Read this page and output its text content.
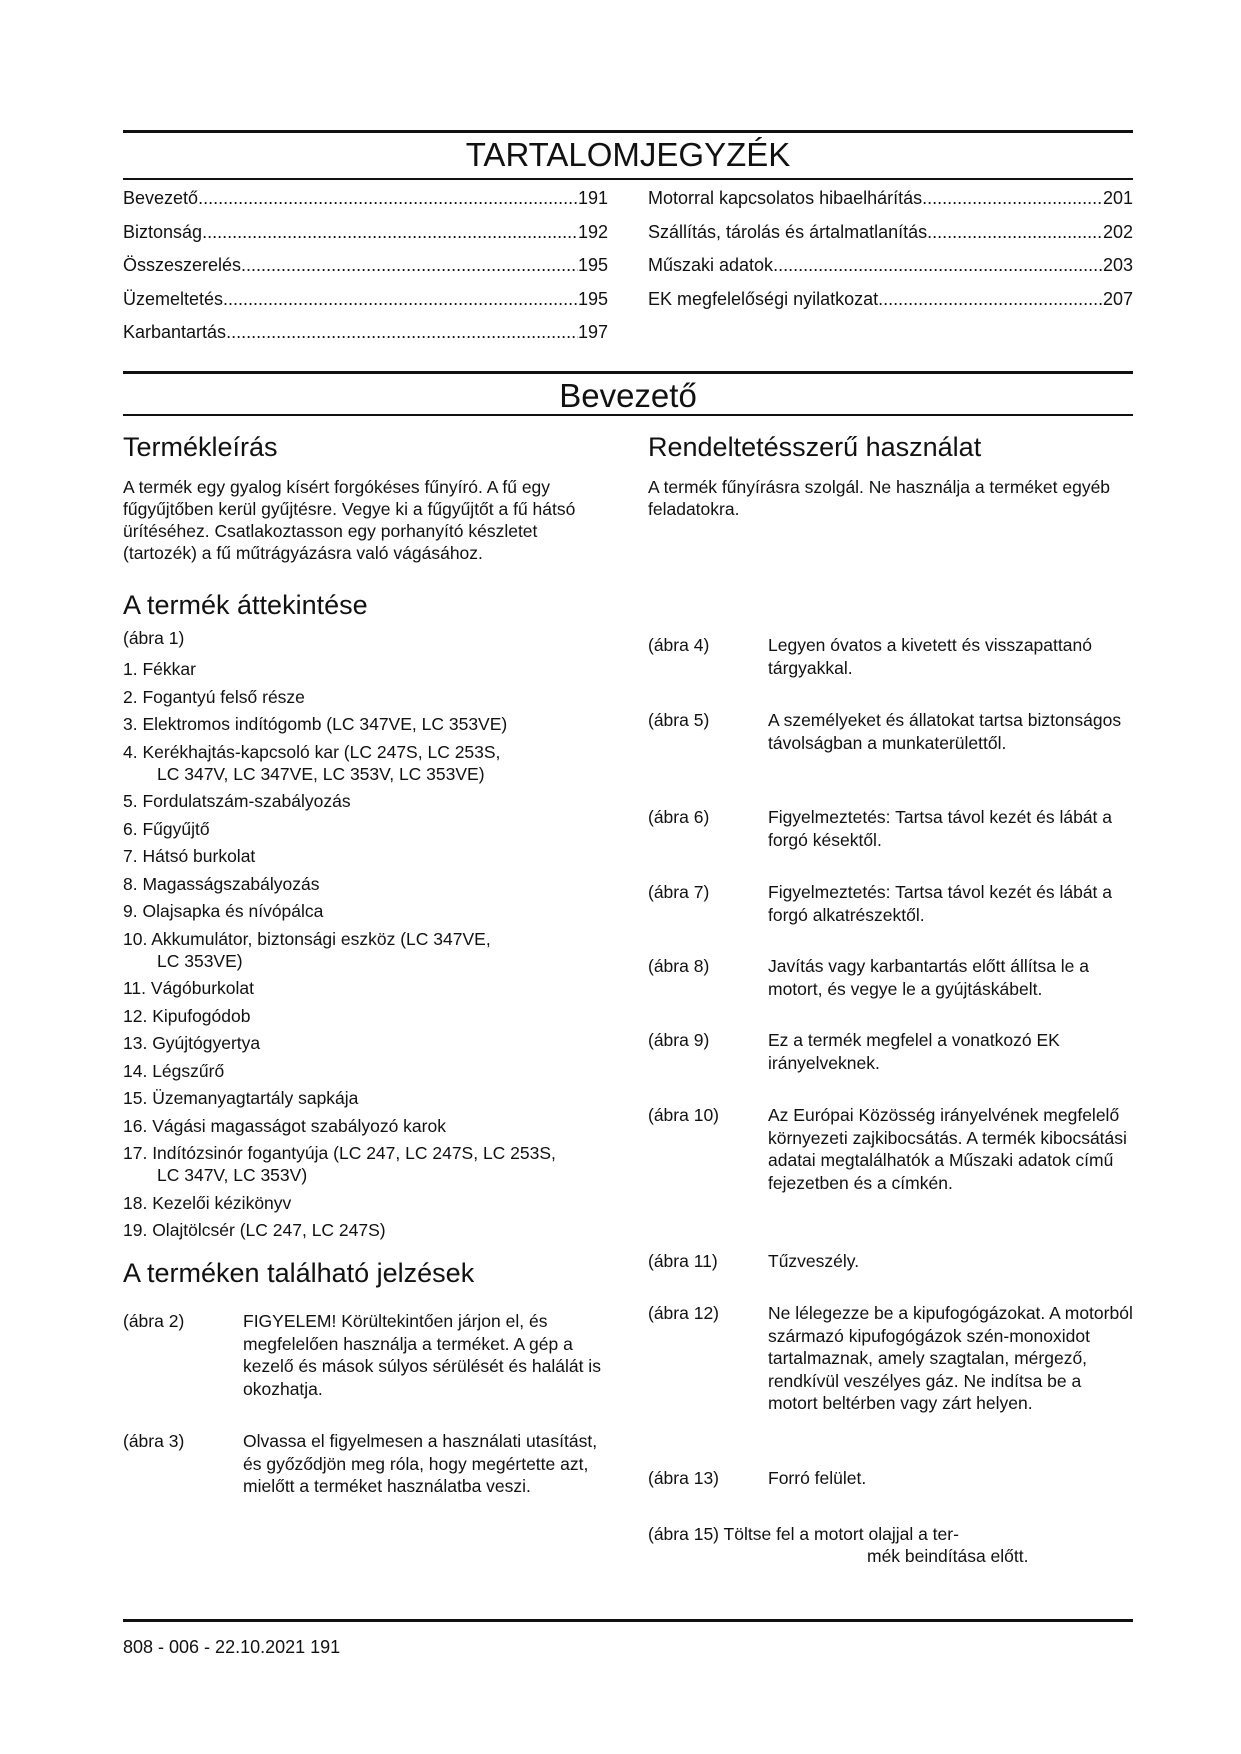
TARTALOMJEGYZÉK
Bevezető .....	191
Biztonság .....	192
Összeszerelés .....	195
Üzemeltetés .....	195
Karbantartás .....	197
Motorral kapcsolatos hibaelhárítás .....	201
Szállítás, tárolás és ártalmatlanítás .....	202
Műszaki adatok .....	203
EK megfelelőségi nyilatkozat .....	207
Bevezető
Termékleírás
A termék egy gyalog kísért forgókéses fűnyíró. A fű egy fűgyűjtőben kerül gyűjtésre. Vegye ki a fűgyűjtőt a fű hátsó ürítéséhez. Csatlakoztasson egy porhanyító készletet (tartozék) a fű műtrágyázásra való vágásához.
Rendeltetésszerű használat
A termék fűnyírásra szolgál. Ne használja a terméket egyéb feladatokra.
A termék áttekintése
(ábra 1)
1. Fékkar
2. Fogantyú felső része
3. Elektromos indítógomb (LC 347VE, LC 353VE)
4. Kerékhajtás-kapcsoló kar (LC 247S, LC 253S,
LC 347V, LC 347VE, LC 353V, LC 353VE)
5. Fordulatszám-szabályozás
6. Fűgyűjtő
7. Hátsó burkolat
8. Magasságszabályozás
9. Olajsapka és nívópálca
10. Akkumulátor, biztonsági eszköz (LC 347VE,
LC 353VE)
11. Vágóburkolat
12. Kipufogódob
13. Gyújtógyertya
14. Légszűrő
15. Üzemanyagtartály sapkája
16. Vágási magasságot szabályozó karok
17. Indítózsinór fogantyúja (LC 247, LC 247S, LC 253S,
LC 347V, LC 353V)
18. Kezelői kézikönyv
19. Olajtölcsér (LC 247, LC 247S)
A terméken található jelzések
(ábra 2)	FIGYELEM! Körültekintően járjon el, és megfelelően használja a terméket. A gép a kezelő és mások súlyos sérülését és halálát is okozhatja.
(ábra 3)	Olvassa el figyelmesen a használati utasítást, és győződjön meg róla, hogy megértette azt, mielőtt a terméket használatba veszi.
(ábra 4)	Legyen óvatos a kivetett és visszapattanó tárgyakkal.
(ábra 5)	A személyeket és állatokat tartsa biztonságos távolságban a munkaterülettől.
(ábra 6)	Figyelmeztetés: Tartsa távol kezét és lábát a forgó késektől.
(ábra 7)	Figyelmeztetés: Tartsa távol kezét és lábát a forgó alkatrészektől.
(ábra 8)	Javítás vagy karbantartás előtt állítsa le a motort, és vegye le a gyújtáskábelt.
(ábra 9)	Ez a termék megfelel a vonatkozó EK irányelveknek.
(ábra 10)	Az Európai Közösség irányelvének megfelelő környezeti zajkibocsátás. A termék kibocsátási adatai megtalálhatók a Műszaki adatok című fejezetben és a címkén.
(ábra 11)	Tűzveszély.
(ábra 12)	Ne lélegezze be a kipufogógázokat. A motorból származó kipufogógázok szén-monoxidot tartalmaznak, amely szagtalan, mérgező, rendkívül veszélyes gáz. Ne indítsa be a motort beltérben vagy zárt helyen.
(ábra 13)	Forró felület.
(ábra 15) Töltse fel a motort olajjal a ter-
mék beindítása előtt.
808 - 006 - 22.10.2021 191
